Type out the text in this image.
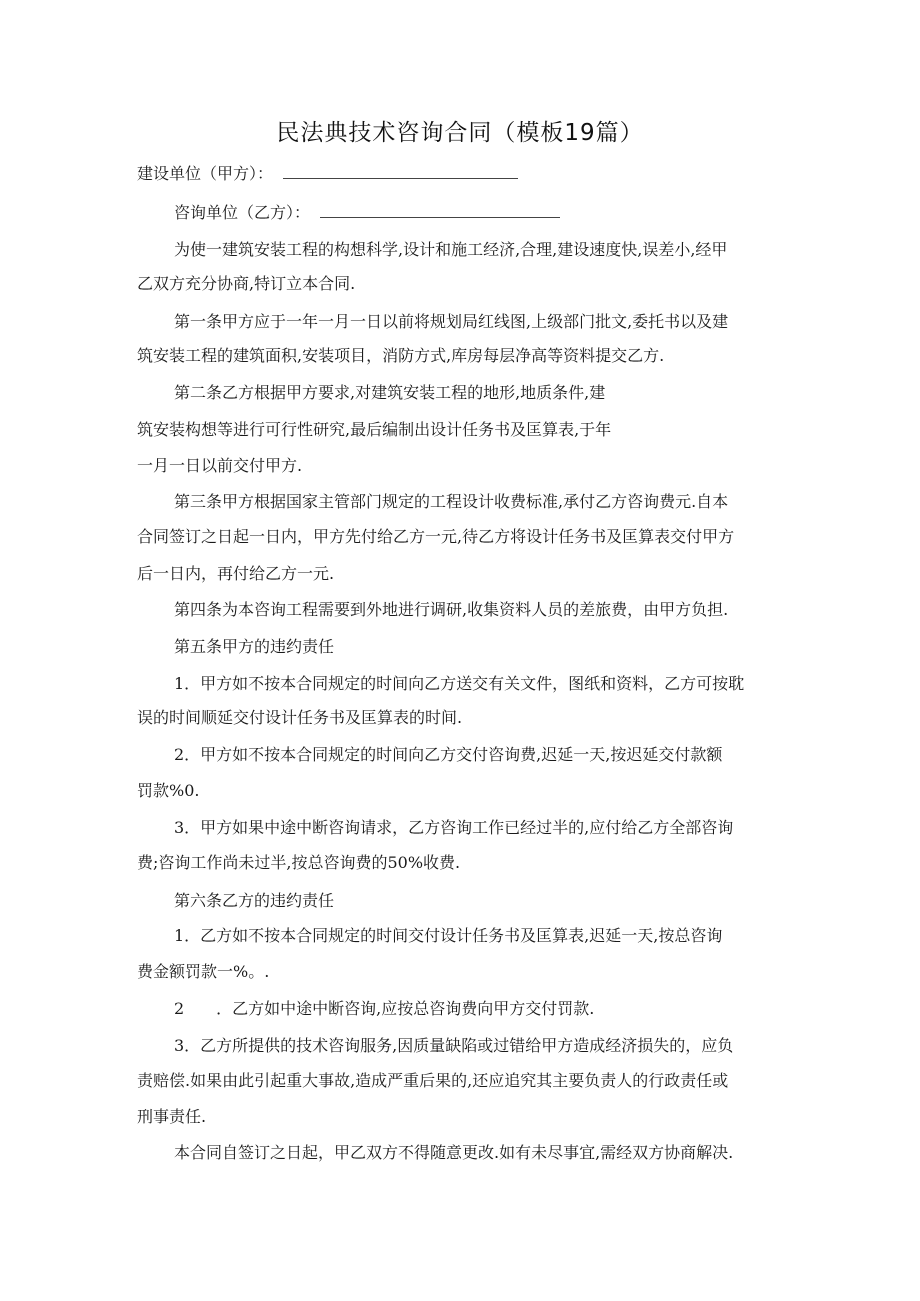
民法典技术咨询合同（模板19篇）
建设单位（甲方）：
咨询单位（乙方）：
为使一建筑安装工程的构想科学,设计和施工经济,合理,建设速度快,误差小,经甲
乙双方充分协商,特订立本合同.
第一条甲方应于一年一月一日以前将规划局红线图,上级部门批文,委托书以及建
筑安装工程的建筑面积,安装项目，消防方式,库房每层净高等资料提交乙方.
第二条乙方根据甲方要求,对建筑安装工程的地形,地质条件,建
筑安装构想等进行可行性研究,最后编制出设计任务书及匡算表,于年
一月一日以前交付甲方.
第三条甲方根据国家主管部门规定的工程设计收费标准,承付乙方咨询费元.自本
合同签订之日起一日内，甲方先付给乙方一元,待乙方将设计任务书及匡算表交付甲方
后一日内，再付给乙方一元.
第四条为本咨询工程需要到外地进行调研,收集资料人员的差旅费，由甲方负担.
第五条甲方的违约责任
1．甲方如不按本合同规定的时间向乙方送交有关文件，图纸和资料，乙方可按耽
误的时间顺延交付设计任务书及匡算表的时间.
2．甲方如不按本合同规定的时间向乙方交付咨询费,迟延一天,按迟延交付款额
罚款%0.
3．甲方如果中途中断咨询请求，乙方咨询工作已经过半的,应付给乙方全部咨询
费;咨询工作尚未过半,按总咨询费的50%收费.
第六条乙方的违约责任
1．乙方如不按本合同规定的时间交付设计任务书及匡算表,迟延一天,按总咨询
费金额罚款一%。.
2　　．乙方如中途中断咨询,应按总咨询费向甲方交付罚款.
3．乙方所提供的技术咨询服务,因质量缺陷或过错给甲方造成经济损失的，应负
责赔偿.如果由此引起重大事故,造成严重后果的,还应追究其主要负责人的行政责任或
刑事责任.
本合同自签订之日起，甲乙双方不得随意更改.如有未尽事宜,需经双方协商解决.
